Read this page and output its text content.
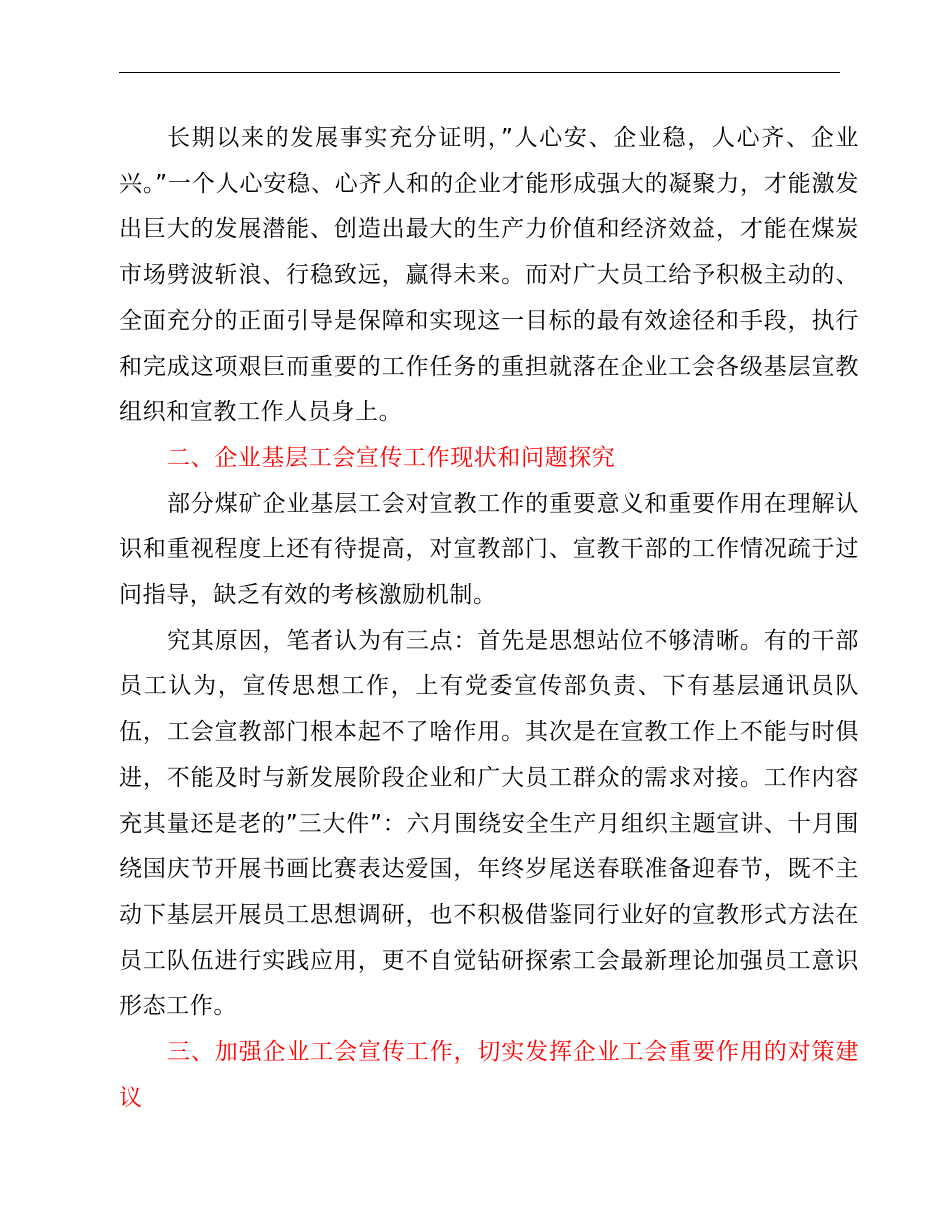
长期以来的发展事实充分证明，”人心安、企业稳，人心齐、企业兴。”一个人心安稳、心齐人和的企业才能形成强大的凝聚力，才能激发出巨大的发展潜能、创造出最大的生产力价值和经济效益，才能在煤炭市场劈波斩浪、行稳致远，赢得未来。而对广大员工给予积极主动的、全面充分的正面引导是保障和实现这一目标的最有效途径和手段，执行和完成这项艰巨而重要的工作任务的重担就落在企业工会各级基层宣教组织和宣教工作人员身上。

二、企业基层工会宣传工作现状和问题探究

部分煤矿企业基层工会对宣教工作的重要意义和重要作用在理解认识和重视程度上还有待提高，对宣教部门、宣教干部的工作情况疏于过问指导，缺乏有效的考核激励机制。

究其原因，笔者认为有三点：首先是思想站位不够清晰。有的干部员工认为，宣传思想工作，上有党委宣传部负责、下有基层通讯员队伍，工会宣教部门根本起不了啥作用。其次是在宣教工作上不能与时俱进，不能及时与新发展阶段企业和广大员工群众的需求对接。工作内容充其量还是老的”三大件”：六月围绕安全生产月组织主题宣讲、十月围绕国庆节开展书画比赛表达爱国，年终岁尾送春联准备迎春节，既不主动下基层开展员工思想调研，也不积极借鉴同行业好的宣教形式方法在员工队伍进行实践应用，更不自觉钻研探索工会最新理论加强员工意识形态工作。

三、加强企业工会宣传工作，切实发挥企业工会重要作用的对策建议
